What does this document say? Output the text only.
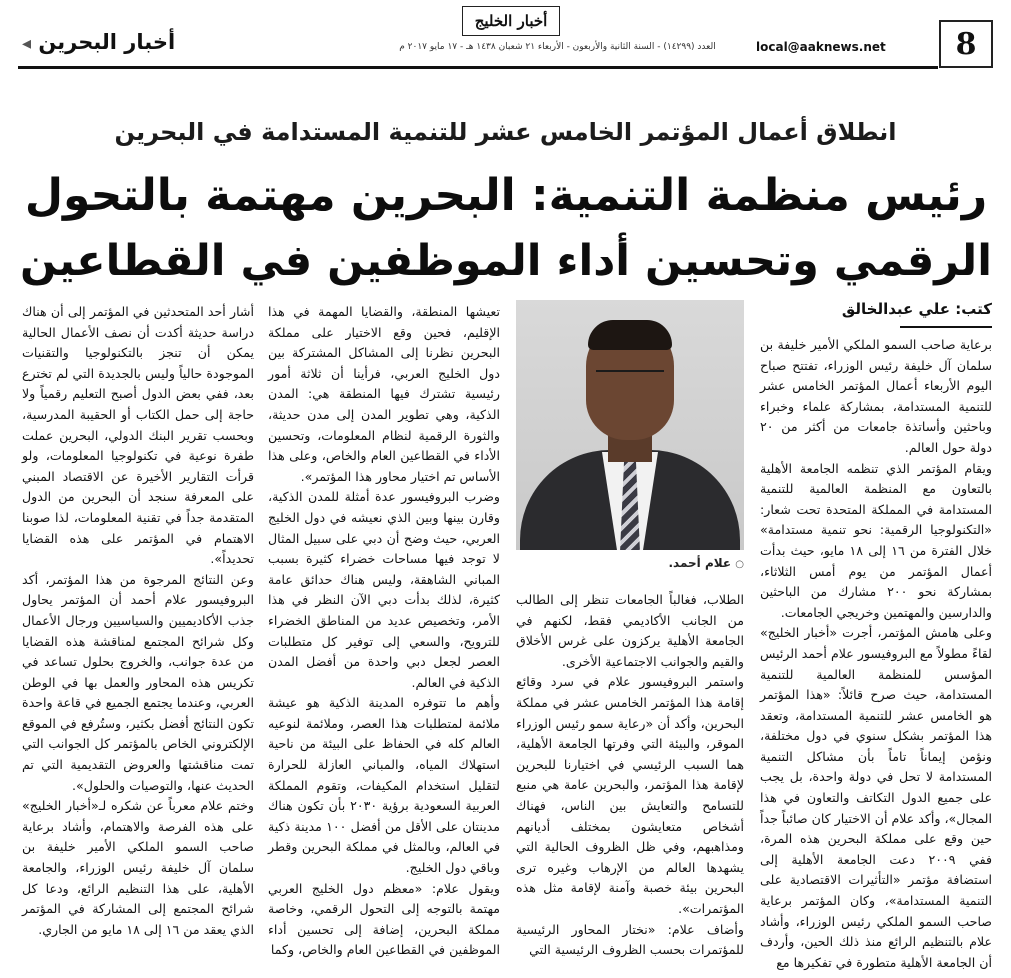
8
local@aaknews.net
العدد (١٤٢٩٩) - السنة الثانية والأربعون - الأربعاء ٢١ شعبان ١٤٣٨ هـ - ١٧ مايو ٢٠١٧ م
أخبار الخليج
أخبار البحرين ◂
انطلاق أعمال المؤتمر الخامس عشر للتنمية المستدامة في البحرين
رئيس منظمة التنمية: البحرين مهتمة بالتحول
الرقمي وتحسين أداء الموظفين في القطاعين
كتب: علي عبدالخالق
○ علام أحمد.

برعاية صاحب السمو الملكي الأمير خليفة بن سلمان آل خليفة رئيس الوزراء، تفتتح صباح اليوم الأربعاء أعمال المؤتمر الخامس عشر للتنمية المستدامة، بمشاركة علماء وخبراء وباحثين وأساتذة جامعات من أكثر من ٢٠ دولة حول العالم.

ويقام المؤتمر الذي تنظمه الجامعة الأهلية بالتعاون مع المنظمة العالمية للتنمية المستدامة في المملكة المتحدة تحت شعار: «التكنولوجيا الرقمية: نحو تنمية مستدامة» خلال الفترة من ١٦ إلى ١٨ مايو، حيث بدأت أعمال المؤتمر من يوم أمس الثلاثاء، بمشاركة نحو ٢٠٠ مشارك من الباحثين والدارسين والمهتمين وخريجي الجامعات.

وعلى هامش المؤتمر، أجرت «أخبار الخليج» لقاءً مطولاً مع البروفيسور علام أحمد الرئيس المؤسس للمنظمة العالمية للتنمية المستدامة، حيث صرح قائلاً: «هذا المؤتمر هو الخامس عشر للتنمية المستدامة، وتعقد هذا المؤتمر بشكل سنوي في دول مختلفة، ونؤمن إيماناً تاماً بأن مشاكل التنمية المستدامة لا تحل في دولة واحدة، بل يجب على جميع الدول التكاتف والتعاون في هذا المجال»، وأكد علام أن الاختيار كان صائباً جداً حين وقع على مملكة البحرين هذه المرة، ففي ٢٠٠٩ دعت الجامعة الأهلية إلى استضافة مؤتمر «التأثيرات الاقتصادية على التنمية المستدامة»، وكان المؤتمر برعاية صاحب السمو الملكي رئيس الوزراء، وأشاد علام بالتنظيم الرائع منذ ذلك الحين، وأردف أن الجامعة الأهلية متطورة في تفكيرها مع

الطلاب، فغالباً الجامعات تنظر إلى الطالب من الجانب الأكاديمي فقط، لكنهم في الجامعة الأهلية يركزون على غرس الأخلاق والقيم والجوانب الاجتماعية الأخرى.

واستمر البروفيسور علام في سرد وقائع إقامة هذا المؤتمر الخامس عشر في مملكة البحرين، وأكد أن «رعاية سمو رئيس الوزراء الموقر، والبيئة التي وفرتها الجامعة الأهلية، هما السبب الرئيسي في اختيارنا للبحرين لإقامة هذا المؤتمر، والبحرين عامة هي منبع للتسامح والتعايش بين الناس، فهناك أشخاص متعايشون بمختلف أديانهم ومذاهبهم، وفي ظل الظروف الحالية التي يشهدها العالم من الإرهاب وغيره ترى البحرين بيئة خصبة وآمنة لإقامة مثل هذه المؤتمرات».

وأضاف علام: «نختار المحاور الرئيسية للمؤتمرات بحسب الظروف الرئيسية التي

تعيشها المنطقة، والقضايا المهمة في هذا الإقليم، فحين وقع الاختيار على مملكة البحرين نظرنا إلى المشاكل المشتركة بين دول الخليج العربي، فرأينا أن ثلاثة أمور رئيسية تشترك فيها المنطقة هي: المدن الذكية، وهي تطوير المدن إلى مدن حديثة، والثورة الرقمية لنظام المعلومات، وتحسين الأداء في القطاعين العام والخاص، وعلى هذا الأساس تم اختيار محاور هذا المؤتمر».

وضرب البروفيسور عدة أمثلة للمدن الذكية، وقارن بينها وبين الذي نعيشه في دول الخليج العربي، حيث وضح أن دبي على سبيل المثال لا توجد فيها مساحات خضراء كثيرة بسبب المباني الشاهقة، وليس هناك حدائق عامة كثيرة، لذلك بدأت دبي الآن النظر في هذا الأمر، وتخصيص عديد من المناطق الخضراء للترويح، والسعي إلى توفير كل متطلبات العصر لجعل دبي واحدة من أفضل المدن الذكية في العالم.

وأهم ما تتوفره المدينة الذكية هو عيشة ملائمة لمتطلبات هذا العصر، وملائمة لنوعيه العالم كله في الحفاظ على البيئة من ناحية استهلاك المياه، والمباني العازلة للحرارة لتقليل استخدام المكيفات، وتقوم المملكة العربية السعودية برؤية ٢٠٣٠ بأن تكون هناك مدينتان على الأقل من أفضل ١٠٠ مدينة ذكية في العالم، وبالمثل في مملكة البحرين وقطر وباقي دول الخليج.

ويقول علام: «معظم دول الخليج العربي مهتمة بالتوجه إلى التحول الرقمي، وخاصة مملكة البحرين، إضافة إلى تحسين أداء الموظفين في القطاعين العام والخاص، وكما

أشار أحد المتحدثين في المؤتمر إلى أن هناك دراسة حديثة أكدت أن نصف الأعمال الحالية يمكن أن تنجز بالتكنولوجيا والتقنيات الموجودة حالياً وليس بالجديدة التي لم تخترع بعد، ففي بعض الدول أصبح التعليم رقمياً ولا حاجة إلى حمل الكتاب أو الحقيبة المدرسية، وبحسب تقرير البنك الدولي، البحرين عملت طفرة نوعية في تكنولوجيا المعلومات، ولو قرأت التقارير الأخيرة عن الاقتصاد المبني على المعرفة سنجد أن البحرين من الدول المتقدمة جداً في تقنية المعلومات، لذا صوبنا الاهتمام في المؤتمر على هذه القضايا تحديداً».

وعن النتائج المرجوة من هذا المؤتمر، أكد البروفيسور علام أحمد أن المؤتمر يحاول جذب الأكاديميين والسياسيين ورجال الأعمال وكل شرائح المجتمع لمناقشة هذه القضايا من عدة جوانب، والخروج بحلول تساعد في تكريس هذه المحاور والعمل بها في الوطن العربي، وعندما يجتمع الجميع في قاعة واحدة تكون النتائج أفضل بكثير، وستُرفع في الموقع الإلكتروني الخاص بالمؤتمر كل الجوانب التي تمت مناقشتها والعروض التقديمية التي تم الحديث عنها، والتوصيات والحلول».

وختم علام معرباً عن شكره لـ«أخبار الخليج» على هذه الفرصة والاهتمام، وأشاد برعاية صاحب السمو الملكي الأمير خليفة بن سلمان آل خليفة رئيس الوزراء، والجامعة الأهلية، على هذا التنظيم الرائع، ودعا كل شرائح المجتمع إلى المشاركة في المؤتمر الذي يعقد من ١٦ إلى ١٨ مايو من الجاري.
